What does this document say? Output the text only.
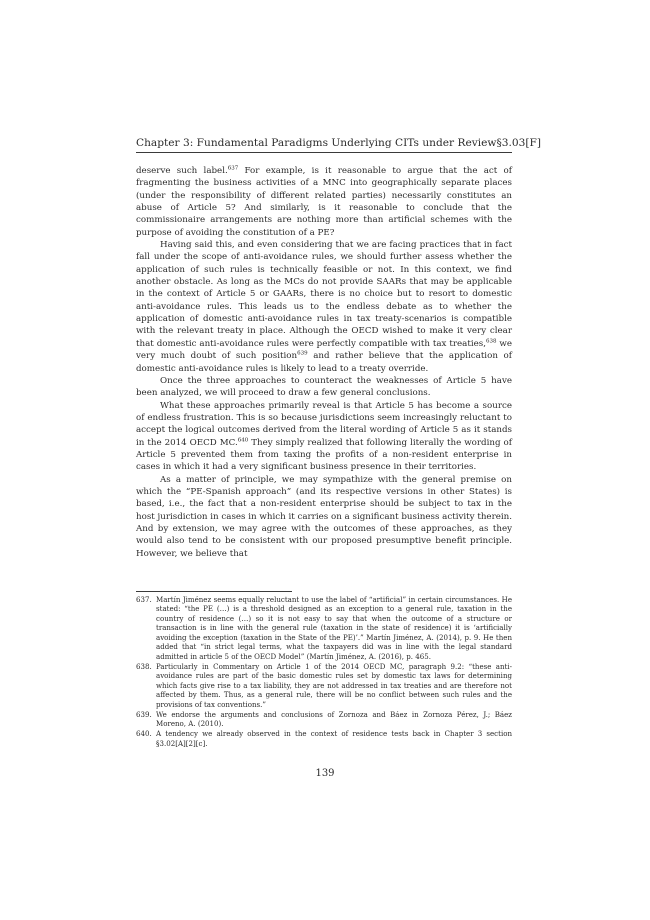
Chapter 3: Fundamental Paradigms Underlying CITs under Review §3.03[F]

deserve such label.$^{637}$ For example, is it reasonable to argue that the act of fragmenting the business activities of a MNC into geographically separate places (under the responsibility of different related parties) necessarily constitutes an abuse of Article 5? And similarly, is it reasonable to conclude that the commissionaire arrangements are nothing more than artificial schemes with the purpose of avoiding the constitution of a PE?

Having said this, and even considering that we are facing practices that in fact fall under the scope of anti-avoidance rules, we should further assess whether the application of such rules is technically feasible or not. In this context, we find another obstacle. As long as the MCs do not provide SAARs that may be applicable in the context of Article 5 or GAARs, there is no choice but to resort to domestic anti-avoidance rules. This leads us to the endless debate as to whether the application of domestic anti-avoidance rules in tax treaty-scenarios is compatible with the relevant treaty in place. Although the OECD wished to make it very clear that domestic anti-avoidance rules were perfectly compatible with tax treaties,$^{638}$ we very much doubt of such position$^{639}$ and rather believe that the application of domestic anti-avoidance rules is likely to lead to a treaty override.

Once the three approaches to counteract the weaknesses of Article 5 have been analyzed, we will proceed to draw a few general conclusions.

What these approaches primarily reveal is that Article 5 has become a source of endless frustration. This is so because jurisdictions seem increasingly reluctant to accept the logical outcomes derived from the literal wording of Article 5 as it stands in the 2014 OECD MC.$^{640}$ They simply realized that following literally the wording of Article 5 prevented them from taxing the profits of a non-resident enterprise in cases in which it had a very significant business presence in their territories.

As a matter of principle, we may sympathize with the general premise on which the “PE-Spanish approach” (and its respective versions in other States) is based, i.e., the fact that a non-resident enterprise should be subject to tax in the host jurisdiction in cases in which it carries on a significant business activity therein. And by extension, we may agree with the outcomes of these approaches, as they would also tend to be consistent with our proposed presumptive benefit principle. However, we believe that

637. Martín Jiménez seems equally reluctant to use the label of “artificial” in certain circumstances. He stated: “the PE (…) is a threshold designed as an exception to a general rule, taxation in the country of residence (…) so it is not easy to say that when the outcome of a structure or transaction is in line with the general rule (taxation in the state of residence) it is ‘artificially avoiding the exception (taxation in the State of the PE)’.” Martín Jiménez, A. (2014), p. 9. He then added that “in strict legal terms, what the taxpayers did was in line with the legal standard admitted in article 5 of the OECD Model” (Martín Jiménez, A. (2016), p. 465.
638. Particularly in Commentary on Article 1 of the 2014 OECD MC, paragraph 9.2: “these anti-avoidance rules are part of the basic domestic rules set by domestic tax laws for determining which facts give rise to a tax liability, they are not addressed in tax treaties and are therefore not affected by them. Thus, as a general rule, there will be no conflict between such rules and the provisions of tax conventions.”
639. We endorse the arguments and conclusions of Zornoza and Báez in Zornoza Pérez, J.; Báez Moreno, A. (2010).
640. A tendency we already observed in the context of residence tests back in Chapter 3 section §3.02[A][2][c].
139
